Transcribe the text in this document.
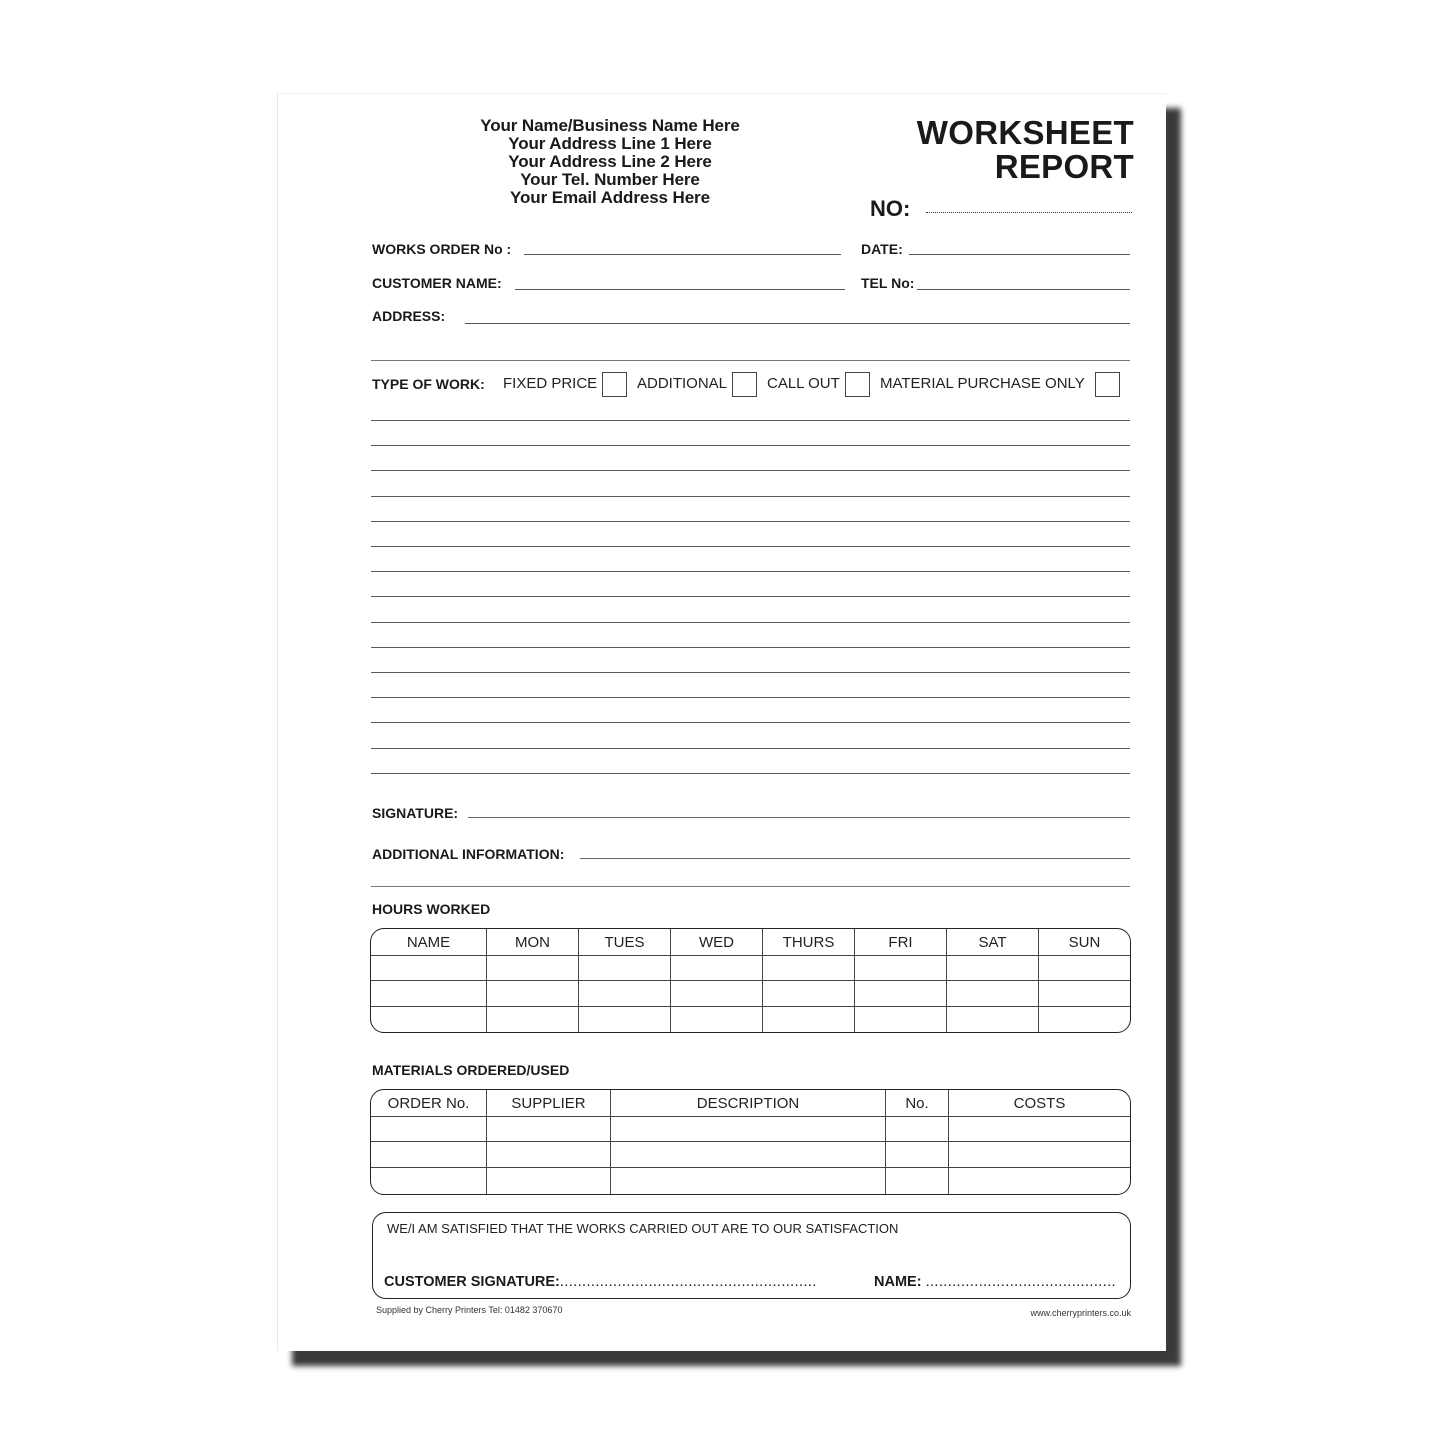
Your Name/Business Name Here
Your Address Line 1 Here
Your Address Line 2 Here
Your Tel. Number Here
Your Email Address Here
WORKSHEET
REPORT
NO:
WORKS ORDER No :	DATE:
CUSTOMER NAME:	TEL No:
ADDRESS:
TYPE OF WORK: FIXED PRICE	ADDITIONAL	CALL OUT	MATERIAL PURCHASE ONLY
SIGNATURE:
ADDITIONAL INFORMATION:
HOURS WORKED
NAME	MON	TUES	WED	THURS	FRI	SAT	SUN
MATERIALS ORDERED/USED
ORDER No.	SUPPLIER	DESCRIPTION	No.	COSTS
WE/I AM SATISFIED THAT THE WORKS CARRIED OUT ARE TO OUR SATISFACTION
CUSTOMER SIGNATURE:..........................................................	NAME: ...........................................
Supplied by Cherry Printers Tel: 01482 370670	www.cherryprinters.co.uk
